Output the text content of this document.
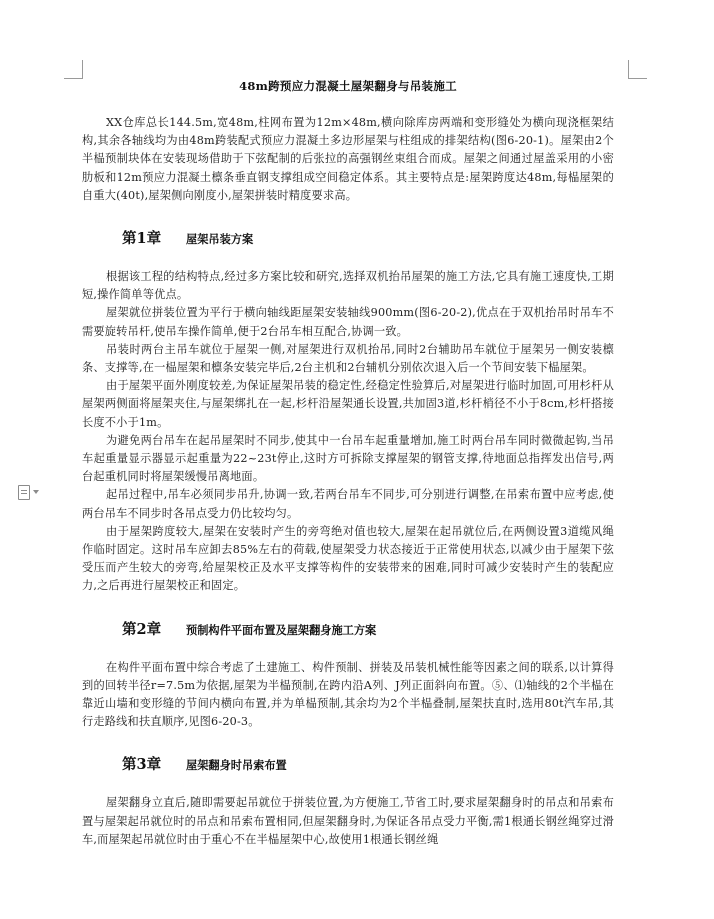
48m跨预应力混凝土屋架翻身与吊装施工

XX仓库总长144.5m,宽48m,柱网布置为12m×48m,横向除库房两端和变形缝处为横向现浇框架结构,其余各轴线均为由48m跨装配式预应力混凝土多边形屋架与柱组成的排架结构(图6-20-1)。屋架由2个半榀预制块体在安装现场借助于下弦配制的后张拉的高强钢丝束组合而成。屋架之间通过屋盖采用的小密肋板和12m预应力混凝土檩条垂直钢支撑组成空间稳定体系。其主要特点是:屋架跨度达48m,每榀屋架的自重大(40t),屋架侧向刚度小,屋架拼装时精度要求高。

第1章	屋架吊装方案

根据该工程的结构特点,经过多方案比较和研究,选择双机抬吊屋架的施工方法,它具有施工速度快,工期短,操作简单等优点。

屋架就位拼装位置为平行于横向轴线距屋架安装轴线900mm(图6-20-2),优点在于双机抬吊时吊车不需要旋转吊杆,使吊车操作简单,便于2台吊车相互配合,协调一致。

吊装时两台主吊车就位于屋架一侧,对屋架进行双机抬吊,同时2台辅助吊车就位于屋架另一侧安装檩条、支撑等,在一榀屋架和檩条安装完毕后,2台主机和2台辅机分别依次退入后一个节间安装下榀屋架。

由于屋架平面外刚度较差,为保证屋架吊装的稳定性,经稳定性验算后,对屋架进行临时加固,可用杉杆从屋架两侧面将屋架夹住,与屋架绑扎在一起,杉杆沿屋架通长设置,共加固3道,杉杆梢径不小于8cm,杉杆搭接长度不小于1m。

为避免两台吊车在起吊屋架时不同步,使其中一台吊车起重量增加,施工时两台吊车同时微微起钩,当吊车起重量显示器显示起重量为22~23t停止,这时方可拆除支撑屋架的钢管支撑,待地面总指挥发出信号,两台起重机同时将屋架缓慢吊离地面。

起吊过程中,吊车必须同步吊升,协调一致,若两台吊车不同步,可分别进行调整,在吊索布置中应考虑,使两台吊车不同步时各吊点受力仍比较均匀。

由于屋架跨度较大,屋架在安装时产生的旁弯绝对值也较大,屋架在起吊就位后,在两侧设置3道缆风绳作临时固定。这时吊车应卸去85%左右的荷载,使屋架受力状态接近于正常使用状态,以减少由于屋架下弦受压而产生较大的旁弯,给屋架校正及水平支撑等构件的安装带来的困难,同时可减少安装时产生的装配应力,之后再进行屋架校正和固定。

第2章	预制构件平面布置及屋架翻身施工方案

在构件平面布置中综合考虑了土建施工、构件预制、拼装及吊装机械性能等因素之间的联系,以计算得到的回转半径r=7.5m为依据,屋架为半榀预制,在跨内沿A列、J列正面斜向布置。⑤、⑴轴线的2个半榀在靠近山墙和变形缝的节间内横向布置,并为单榀预制,其余均为2个半榀叠制,屋架扶直时,选用80t汽车吊,其行走路线和扶直顺序,见图6-20-3。

第3章	屋架翻身时吊索布置

屋架翻身立直后,随即需要起吊就位于拼装位置,为方便施工,节省工时,要求屋架翻身时的吊点和吊索布置与屋架起吊就位时的吊点和吊索布置相同,但屋架翻身时,为保证各吊点受力平衡,需1根通长钢丝绳穿过滑车,而屋架起吊就位时由于重心不在半榀屋架中心,故使用1根通长钢丝绳
